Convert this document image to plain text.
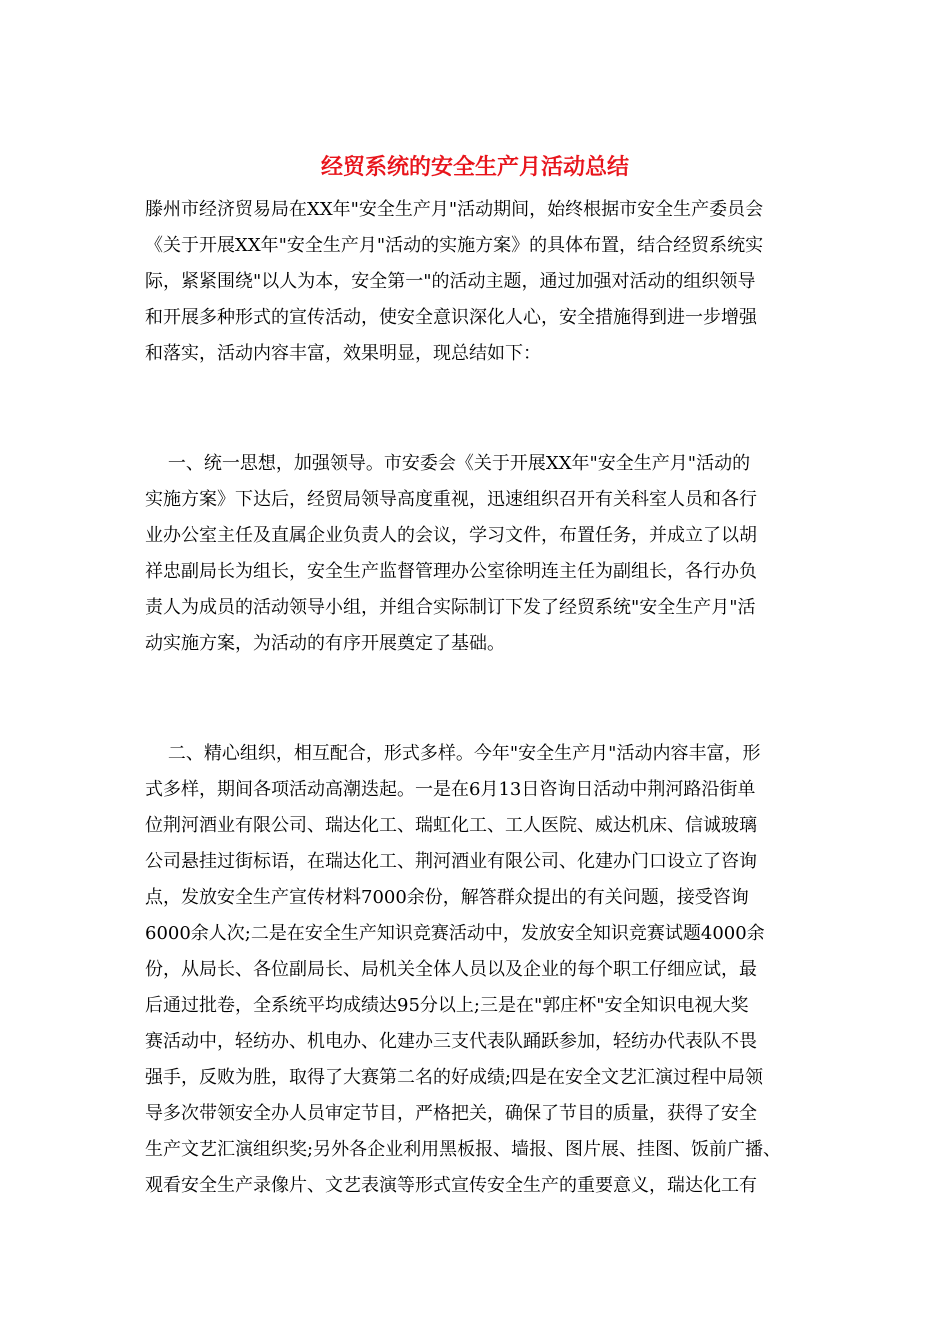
经贸系统的安全生产月活动总结
滕州市经济贸易局在XX年"安全生产月"活动期间，始终根据市安全生产委员会
《关于开展XX年"安全生产月"活动的实施方案》的具体布置，结合经贸系统实
际，紧紧围绕"以人为本，安全第一"的活动主题，通过加强对活动的组织领导
和开展多种形式的宣传活动，使安全意识深化人心，安全措施得到进一步增强
和落实，活动内容丰富，效果明显，现总结如下：
一、统一思想，加强领导。市安委会《关于开展XX年"安全生产月"活动的
实施方案》下达后，经贸局领导高度重视，迅速组织召开有关科室人员和各行
业办公室主任及直属企业负责人的会议，学习文件，布置任务，并成立了以胡
祥忠副局长为组长，安全生产监督管理办公室徐明连主任为副组长，各行办负
责人为成员的活动领导小组，并组合实际制订下发了经贸系统"安全生产月"活
动实施方案，为活动的有序开展奠定了基础。
二、精心组织，相互配合，形式多样。今年"安全生产月"活动内容丰富，形
式多样，期间各项活动高潮迭起。一是在6月13日咨询日活动中荆河路沿街单
位荆河酒业有限公司、瑞达化工、瑞虹化工、工人医院、威达机床、信诚玻璃
公司悬挂过街标语，在瑞达化工、荆河酒业有限公司、化建办门口设立了咨询
点，发放安全生产宣传材料7000余份，解答群众提出的有关问题，接受咨询
6000余人次;二是在安全生产知识竞赛活动中，发放安全知识竞赛试题4000余
份，从局长、各位副局长、局机关全体人员以及企业的每个职工仔细应试，最
后通过批卷，全系统平均成绩达95分以上;三是在"郭庄杯"安全知识电视大奖
赛活动中，轻纺办、机电办、化建办三支代表队踊跃参加，轻纺办代表队不畏
强手，反败为胜，取得了大赛第二名的好成绩;四是在安全文艺汇演过程中局领
导多次带领安全办人员审定节目，严格把关，确保了节目的质量，获得了安全
生产文艺汇演组织奖;另外各企业利用黑板报、墙报、图片展、挂图、饭前广播、
观看安全生产录像片、文艺表演等形式宣传安全生产的重要意义，瑞达化工有
